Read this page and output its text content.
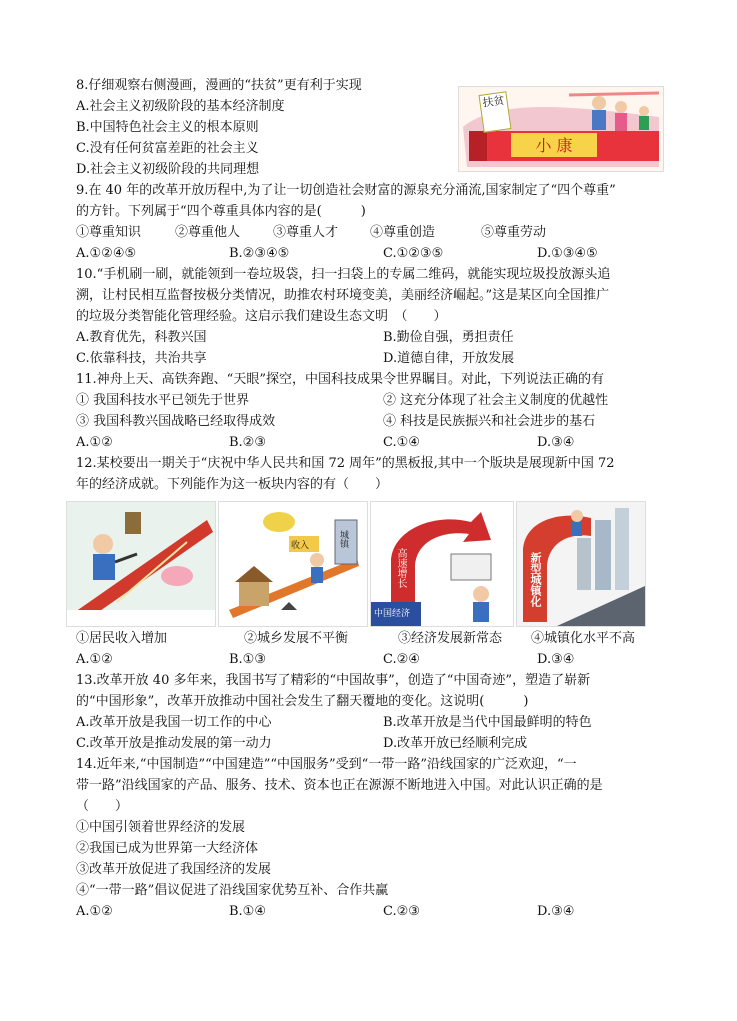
8.仔细观察右侧漫画，漫画的“扶贫”更有利于实现
A.社会主义初级阶段的基本经济制度
B.中国特色社会主义的根本原则
C.没有任何贫富差距的社会主义
D.社会主义初级阶段的共同理想
小 康
扶贫
9.在 40 年的改革开放历程中,为了让一切创造社会财富的源泉充分涌流,国家制定了“四个尊重”
的方针。下列属于“四个尊重具体内容的是(　　　)
①尊重知识	②尊重他人	③尊重人才 ④尊重创造	⑤尊重劳动
A.①②④⑤	B.②③④⑤	C.①②③⑤	D.①③④⑤
10.“手机刷一刷，就能领到一卷垃圾袋，扫一扫袋上的专属二维码，就能实现垃圾投放源头追
溯，让村民相互监督按极分类情况，助推农村环境变美，美丽经济崛起。”这是某区向全国推广
的垃圾分类智能化管理经验。这启示我们建设生态文明　（　　）
A.教育优先，科教兴国	B.勤俭自强，勇担责任
C.依靠科技，共治共享	D.道德自律，开放发展
11.神舟上天、高铁奔跑、“天眼”探空，中国科技成果令世界瞩目。对此，下列说法正确的有
① 我国科技水平已领先于世界	② 这充分体现了社会主义制度的优越性
③ 我国科教兴国战略已经取得成效	④ 科技是民族振兴和社会进步的基石
A.①②	B.②③	C.①④	D.③④
12.某校要出一期关于“庆祝中华人民共和国 72 周年”的黑板报,其中一个版块是展现新中国 72
年的经济成就。下列能作为这一板块内容的有（　　）
收入	城镇
高速增长
中国经济
新型城镇化
①居民收入增加	②城乡发展不平衡	③经济发展新常态 ④城镇化水平不高
A.①②	B.①③	C.②④	D.③④
13.改革开放 40 多年来，我国书写了精彩的“中国故事”，创造了“中国奇迹”，塑造了崭新
的“中国形象”，改革开放推动中国社会发生了翻天覆地的变化。这说明(　　　)
A.改革开放是我国一切工作的中心	B.改革开放是当代中国最鲜明的特色
C.改革开放是推动发展的第一动力	D.改革开放已经顺利完成
14.近年来,“中国制造”“中国建造”“中国服务”受到“一带一路”沿线国家的广泛欢迎，“一
带一路”沿线国家的产品、服务、技术、资本也正在源源不断地进入中国。对此认识正确的是
（　　）
①中国引领着世界经济的发展
②我国已成为世界第一大经济体
③改革开放促进了我国经济的发展
④“一带一路”倡议促进了沿线国家优势互补、合作共赢
A.①②	B.①④	C.②③	D.③④
